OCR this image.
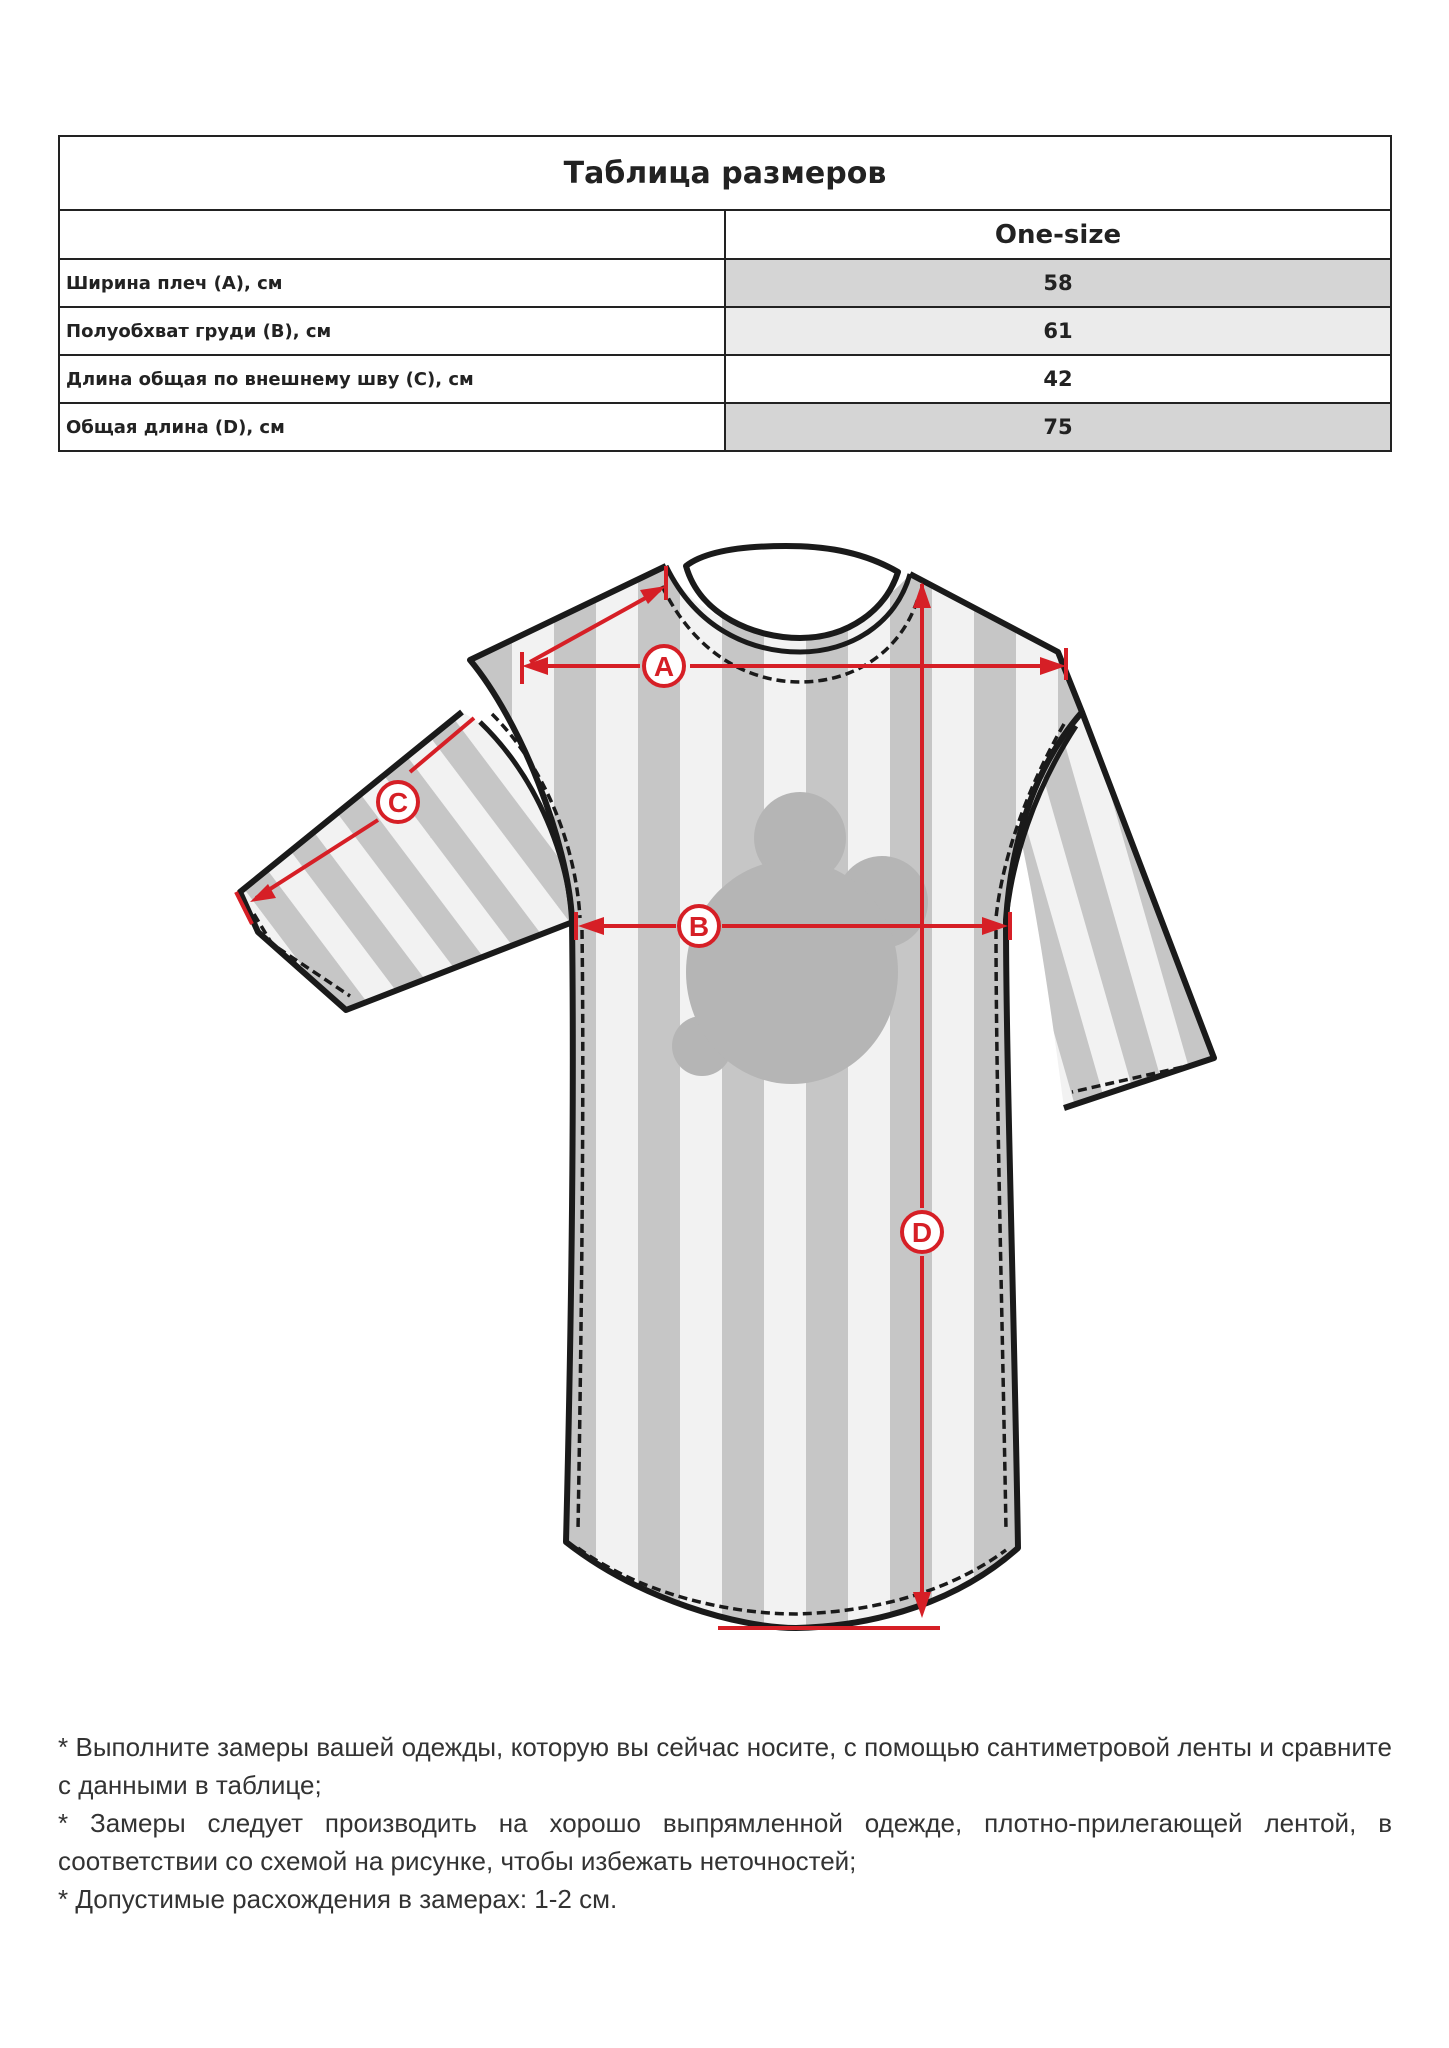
Таблица размеров	
	One-size
Ширина плеч (A), см	58
Полуобхват груди (B), см	61
Длина общая по внешнему шву (C), см	42
Общая длина (D), см	75
A
B
C
D

* Выполните замеры вашей одежды, которую вы сейчас носите, с помощью сантиметровой ленты и сравните с данными в таблице;

* Замеры следует производить на хорошо выпрямленной одежде, плотно-прилегающей лентой, в соответствии со схемой на рисунке, чтобы избежать неточностей;

* Допустимые расхождения в замерах: 1-2 см.
